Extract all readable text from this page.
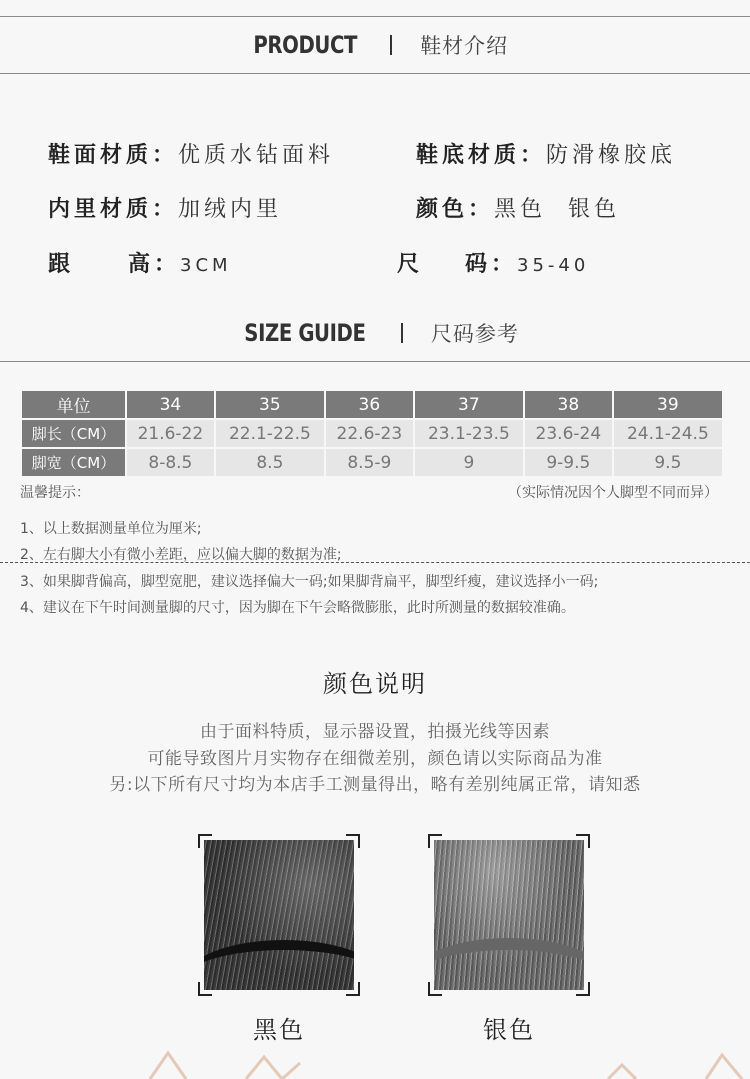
PRODUCT	鞋材介绍
鞋面材质：优质水钻面料	鞋底材质：防滑橡胶底
内里材质：加绒内里	颜色：黑色  银色
跟 高：3CM	尺 码：35-40
SIZE GUIDE	尺码参考
单位	34	35	36	37	38	39
脚长（CM）	21.6-22	22.1-22.5	22.6-23	23.1-23.5	23.6-24	24.1-24.5
脚宽（CM）	8-8.5	8.5	8.5-9	9	9-9.5	9.5
温馨提示：	（实际情况因个人脚型不同而异）
1、以上数据测量单位为厘米;
2、左右脚大小有微小差距，应以偏大脚的数据为准;
3、如果脚背偏高，脚型宽肥，建议选择偏大一码;如果脚背扁平，脚型纤瘦，建议选择小一码;
4、建议在下午时间测量脚的尺寸，因为脚在下午会略微膨胀，此时所测量的数据较准确。
颜色说明
由于面料特质，显示器设置，拍摄光线等因素
可能导致图片月实物存在细微差别，颜色请以实际商品为准
另:以下所有尺寸均为本店手工测量得出，略有差别纯属正常，请知悉
黑色	银色
